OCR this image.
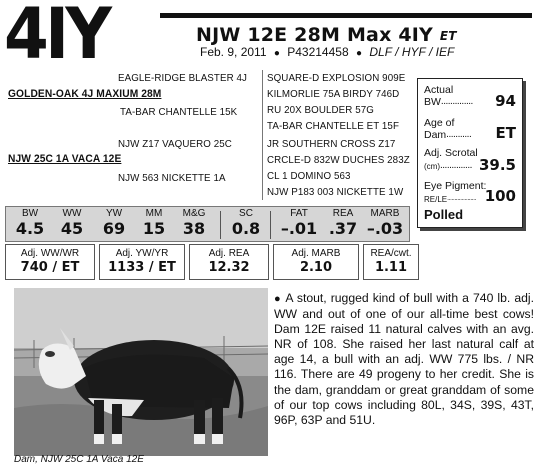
4IY	NJW 12E 28M Max 4IY ET
Feb. 9, 2011 ● P43214458 ● DLF / HYF / IEF
EAGLE-RIDGE BLASTER 4J
GOLDEN-OAK 4J MAXIUM 28M
TA-BAR CHANTELLE 15K
NJW Z17 VAQUERO 25C
NJW 25C 1A VACA 12E
NJW 563 NICKETTE 1A
SQUARE-D EXPLOSION 909E
KILMORLIE 75A BIRDY 746D
RU 20X BOULDER 57G
TA-BAR CHANTELLE ET 15F
JR SOUTHERN CROSS Z17
CRCLE-D 832W DUCHES 283Z
CL 1 DOMINO 563
NJW P183 003 NICKETTE 1W
Actual
BW .............. 94
Age of
Dam ........... ET
Adj. Scrotal
(cm) .............. 39.5
Eye Pigment:
RE/LE .................... 100
Polled
BW
4.5
WW
45
YW
69
MM
15
M&G
38
SC
0.8
FAT
–.01
REA
.37
MARB
–.03
Adj. WW/WR
740 / ET
Adj. YW/YR
1133 / ET
Adj. REA
12.32
Adj. MARB
2.10
REA/cwt.
1.11
Dam, NJW 25C 1A Vaca 12E
● A stout, rugged kind of bull with a 740 lb. adj. WW and out of one of our all-time best cows! Dam 12E raised 11 natural calves with an avg. NR of 108. She raised her last natural calf at age 14, a bull with an adj. WW 775 lbs. / NR 116. There are 49 progeny to her credit. She is the dam, granddam or great granddam of some of our top cows including 80L, 34S, 39S, 43T, 96P, 63P and 51U.
